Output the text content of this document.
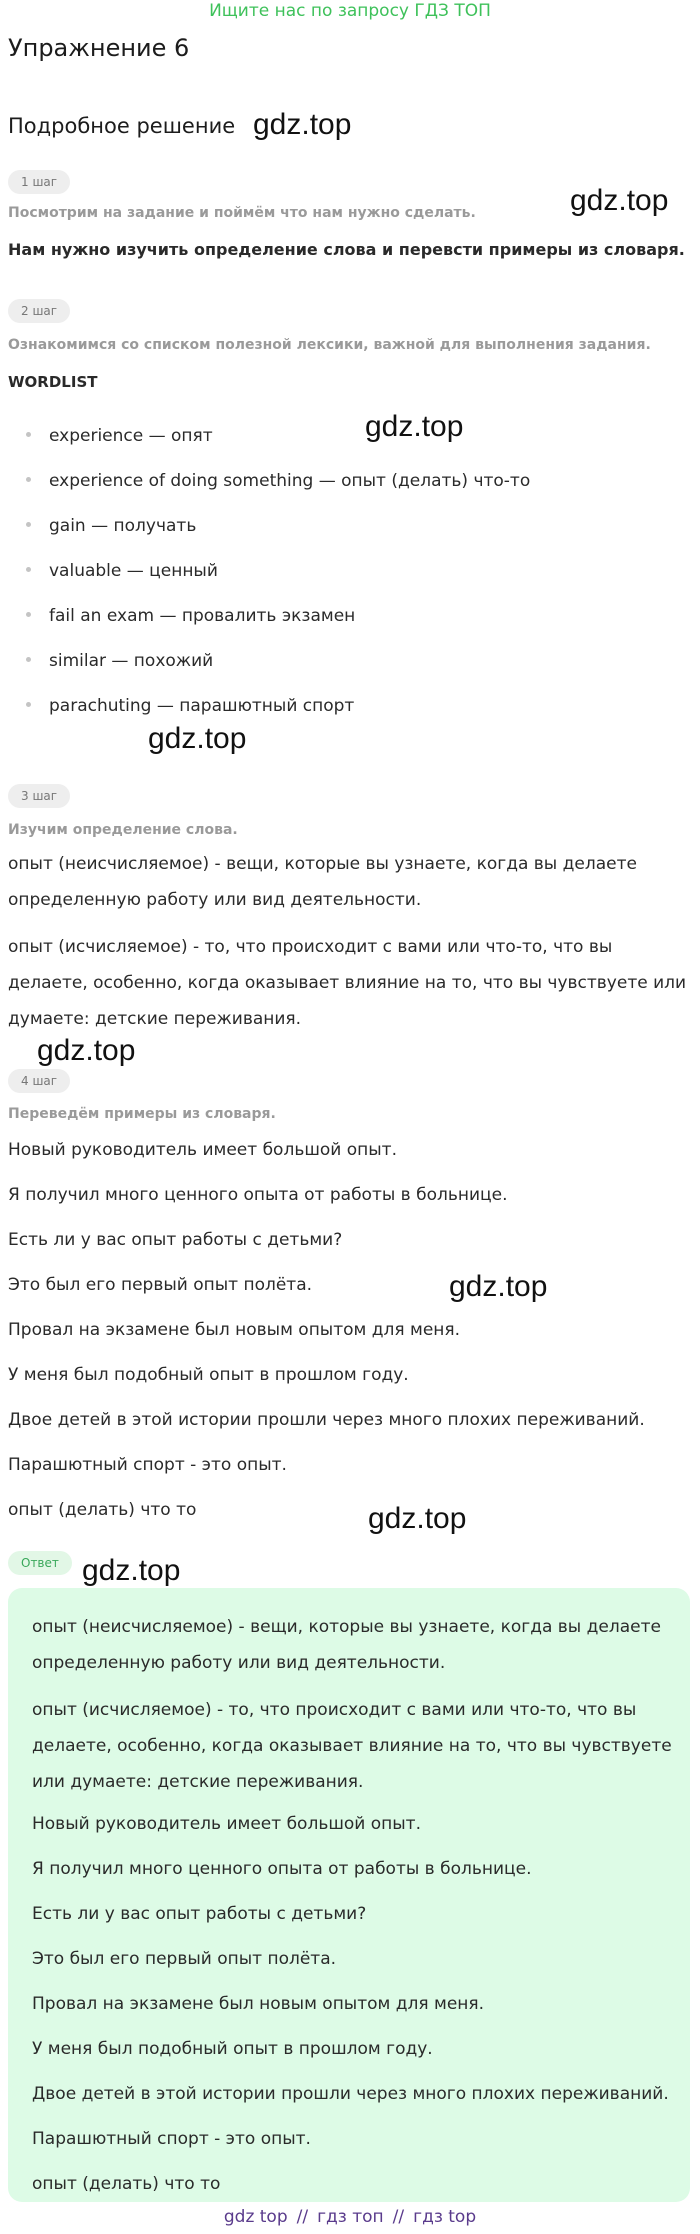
Ищите нас по запросу ГДЗ ТОП
Упражнение 6
Подробное решение gdz.top
gdz.top
gdz.top
gdz.top
gdz.top
gdz.top
gdz.top
gdz.top
1 шаг
Посмотрим на задание и поймём что нам нужно сделать.
Нам нужно изучить определение слова и перевсти примеры из словаря.
2 шаг
Ознакомимся со списком полезной лексики, важной для выполнения задания.
WORDLIST
experience — опят
experience of doing something — опыт (делать) что-то
gain — получать
valuable — ценный
fail an exam — провалить экзамен
similar — похожий
parachuting — парашютный спорт
3 шаг
Изучим определение слова.
опыт (неисчисляемое) - вещи, которые вы узнаете, когда вы делаете определенную работу или вид деятельности.
опыт (исчисляемое) - то, что происходит с вами или что-то, что вы делаете, особенно, когда оказывает влияние на то, что вы чувствуете или думаете: детские переживания.
4 шаг
Переведём примеры из словаря.
Новый руководитель имеет большой опыт.
Я получил много ценного опыта от работы в больнице.
Есть ли у вас опыт работы с детьми?
Это был его первый опыт полёта.
Провал на экзамене был новым опытом для меня.
У меня был подобный опыт в прошлом году.
Двое детей в этой истории прошли через много плохих переживаний.
Парашютный спорт - это опыт.
опыт (делать) что то
Ответ
опыт (неисчисляемое) - вещи, которые вы узнаете, когда вы делаете определенную работу или вид деятельности.
опыт (исчисляемое) - то, что происходит с вами или что-то, что вы делаете, особенно, когда оказывает влияние на то, что вы чувствуете или думаете: детские переживания.
Новый руководитель имеет большой опыт.
Я получил много ценного опыта от работы в больнице.
Есть ли у вас опыт работы с детьми?
Это был его первый опыт полёта.
Провал на экзамене был новым опытом для меня.
У меня был подобный опыт в прошлом году.
Двое детей в этой истории прошли через много плохих переживаний.
Парашютный спорт - это опыт.
опыт (делать) что то
gdz top // гдз топ // гдз top
